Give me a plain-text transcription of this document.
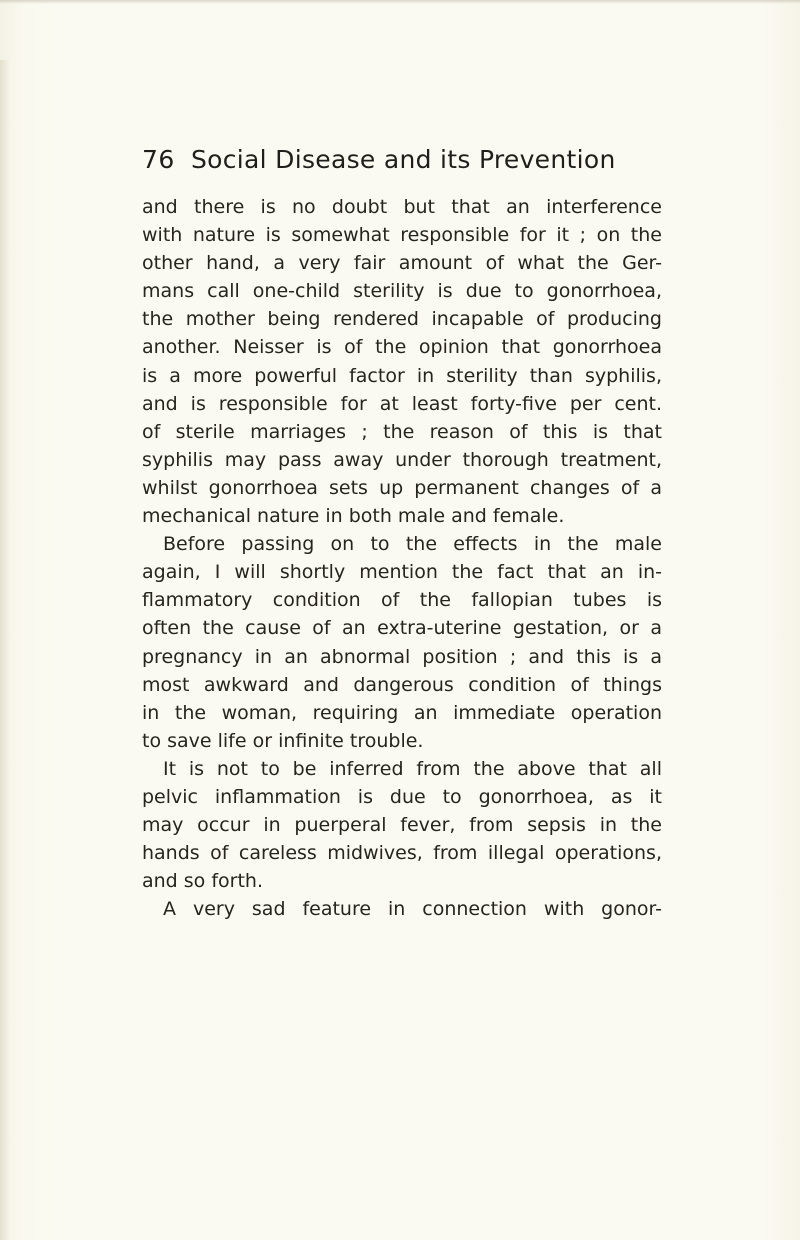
76 Social Disease and its Prevention
and there is no doubt but that an interference
with nature is somewhat responsible for it ; on the
other hand, a very fair amount of what the Ger-
mans call one-child sterility is due to gonorrhoea,
the mother being rendered incapable of producing
another. Neisser is of the opinion that gonorrhoea
is a more powerful factor in sterility than syphilis,
and is responsible for at least forty-five per cent.
of sterile marriages ; the reason of this is that
syphilis may pass away under thorough treatment,
whilst gonorrhoea sets up permanent changes of a
mechanical nature in both male and female.
Before passing on to the effects in the male
again, I will shortly mention the fact that an in-
flammatory condition of the fallopian tubes is
often the cause of an extra-uterine gestation, or a
pregnancy in an abnormal position ; and this is a
most awkward and dangerous condition of things
in the woman, requiring an immediate operation
to save life or infinite trouble.
It is not to be inferred from the above that all
pelvic inflammation is due to gonorrhoea, as it
may occur in puerperal fever, from sepsis in the
hands of careless midwives, from illegal operations,
and so forth.
A very sad feature in connection with gonor-
